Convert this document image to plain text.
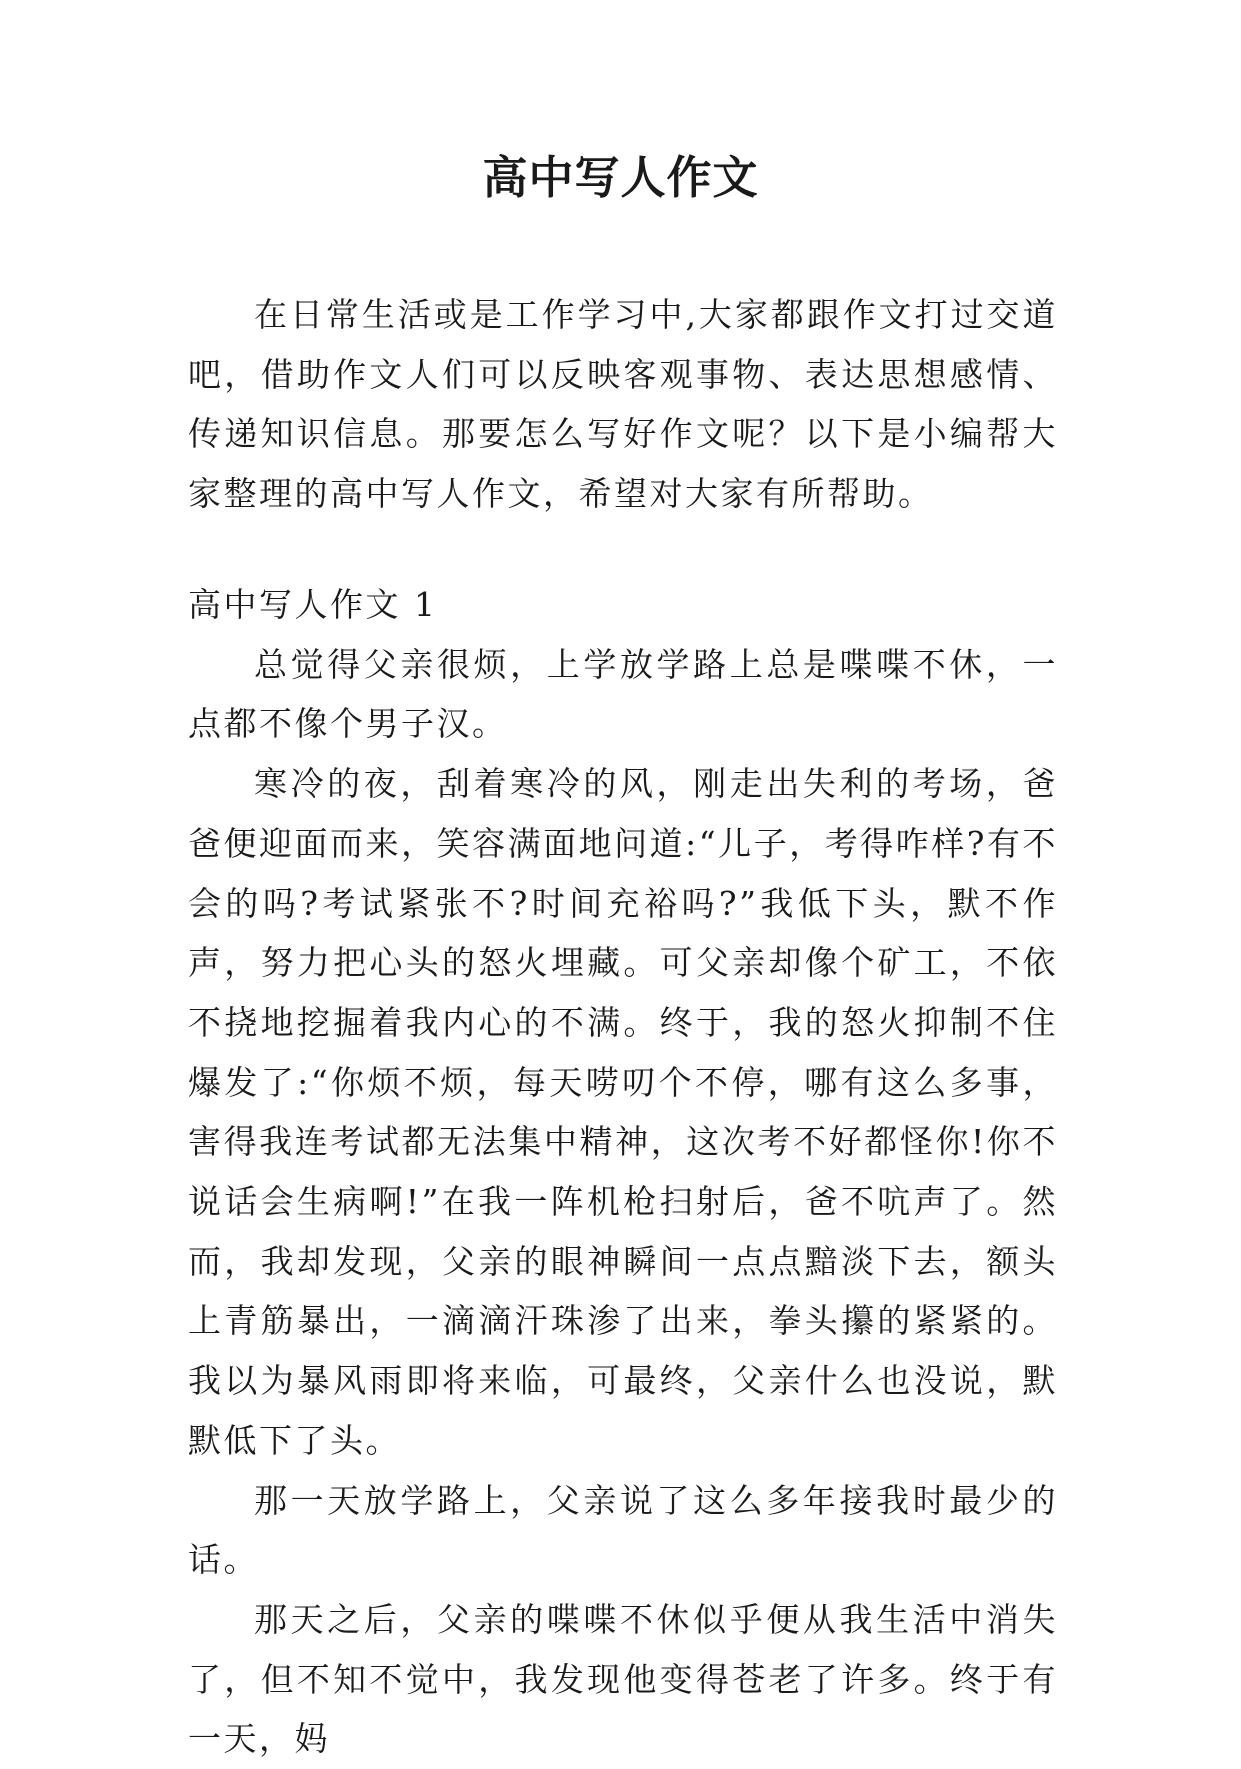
高中写人作文

在日常生活或是工作学习中,大家都跟作文打过交道吧，借助作文人们可以反映客观事物、表达思想感情、传递知识信息。那要怎么写好作文呢？以下是小编帮大家整理的高中写人作文，希望对大家有所帮助。

高中写人作文 1

总觉得父亲很烦，上学放学路上总是喋喋不休，一点都不像个男子汉。

寒冷的夜，刮着寒冷的风，刚走出失利的考场，爸爸便迎面而来，笑容满面地问道:“儿子，考得咋样?有不会的吗?考试紧张不?时间充裕吗?”我低下头，默不作声，努力把心头的怒火埋藏。可父亲却像个矿工，不依不挠地挖掘着我内心的不满。终于，我的怒火抑制不住爆发了:“你烦不烦，每天唠叨个不停，哪有这么多事，害得我连考试都无法集中精神，这次考不好都怪你!你不说话会生病啊!”在我一阵机枪扫射后，爸不吭声了。然而，我却发现，父亲的眼神瞬间一点点黯淡下去，额头上青筋暴出，一滴滴汗珠渗了出来，拳头攥的紧紧的。我以为暴风雨即将来临，可最终，父亲什么也没说，默默低下了头。

那一天放学路上，父亲说了这么多年接我时最少的话。

那天之后，父亲的喋喋不休似乎便从我生活中消失了，但不知不觉中，我发现他变得苍老了许多。终于有一天，妈
